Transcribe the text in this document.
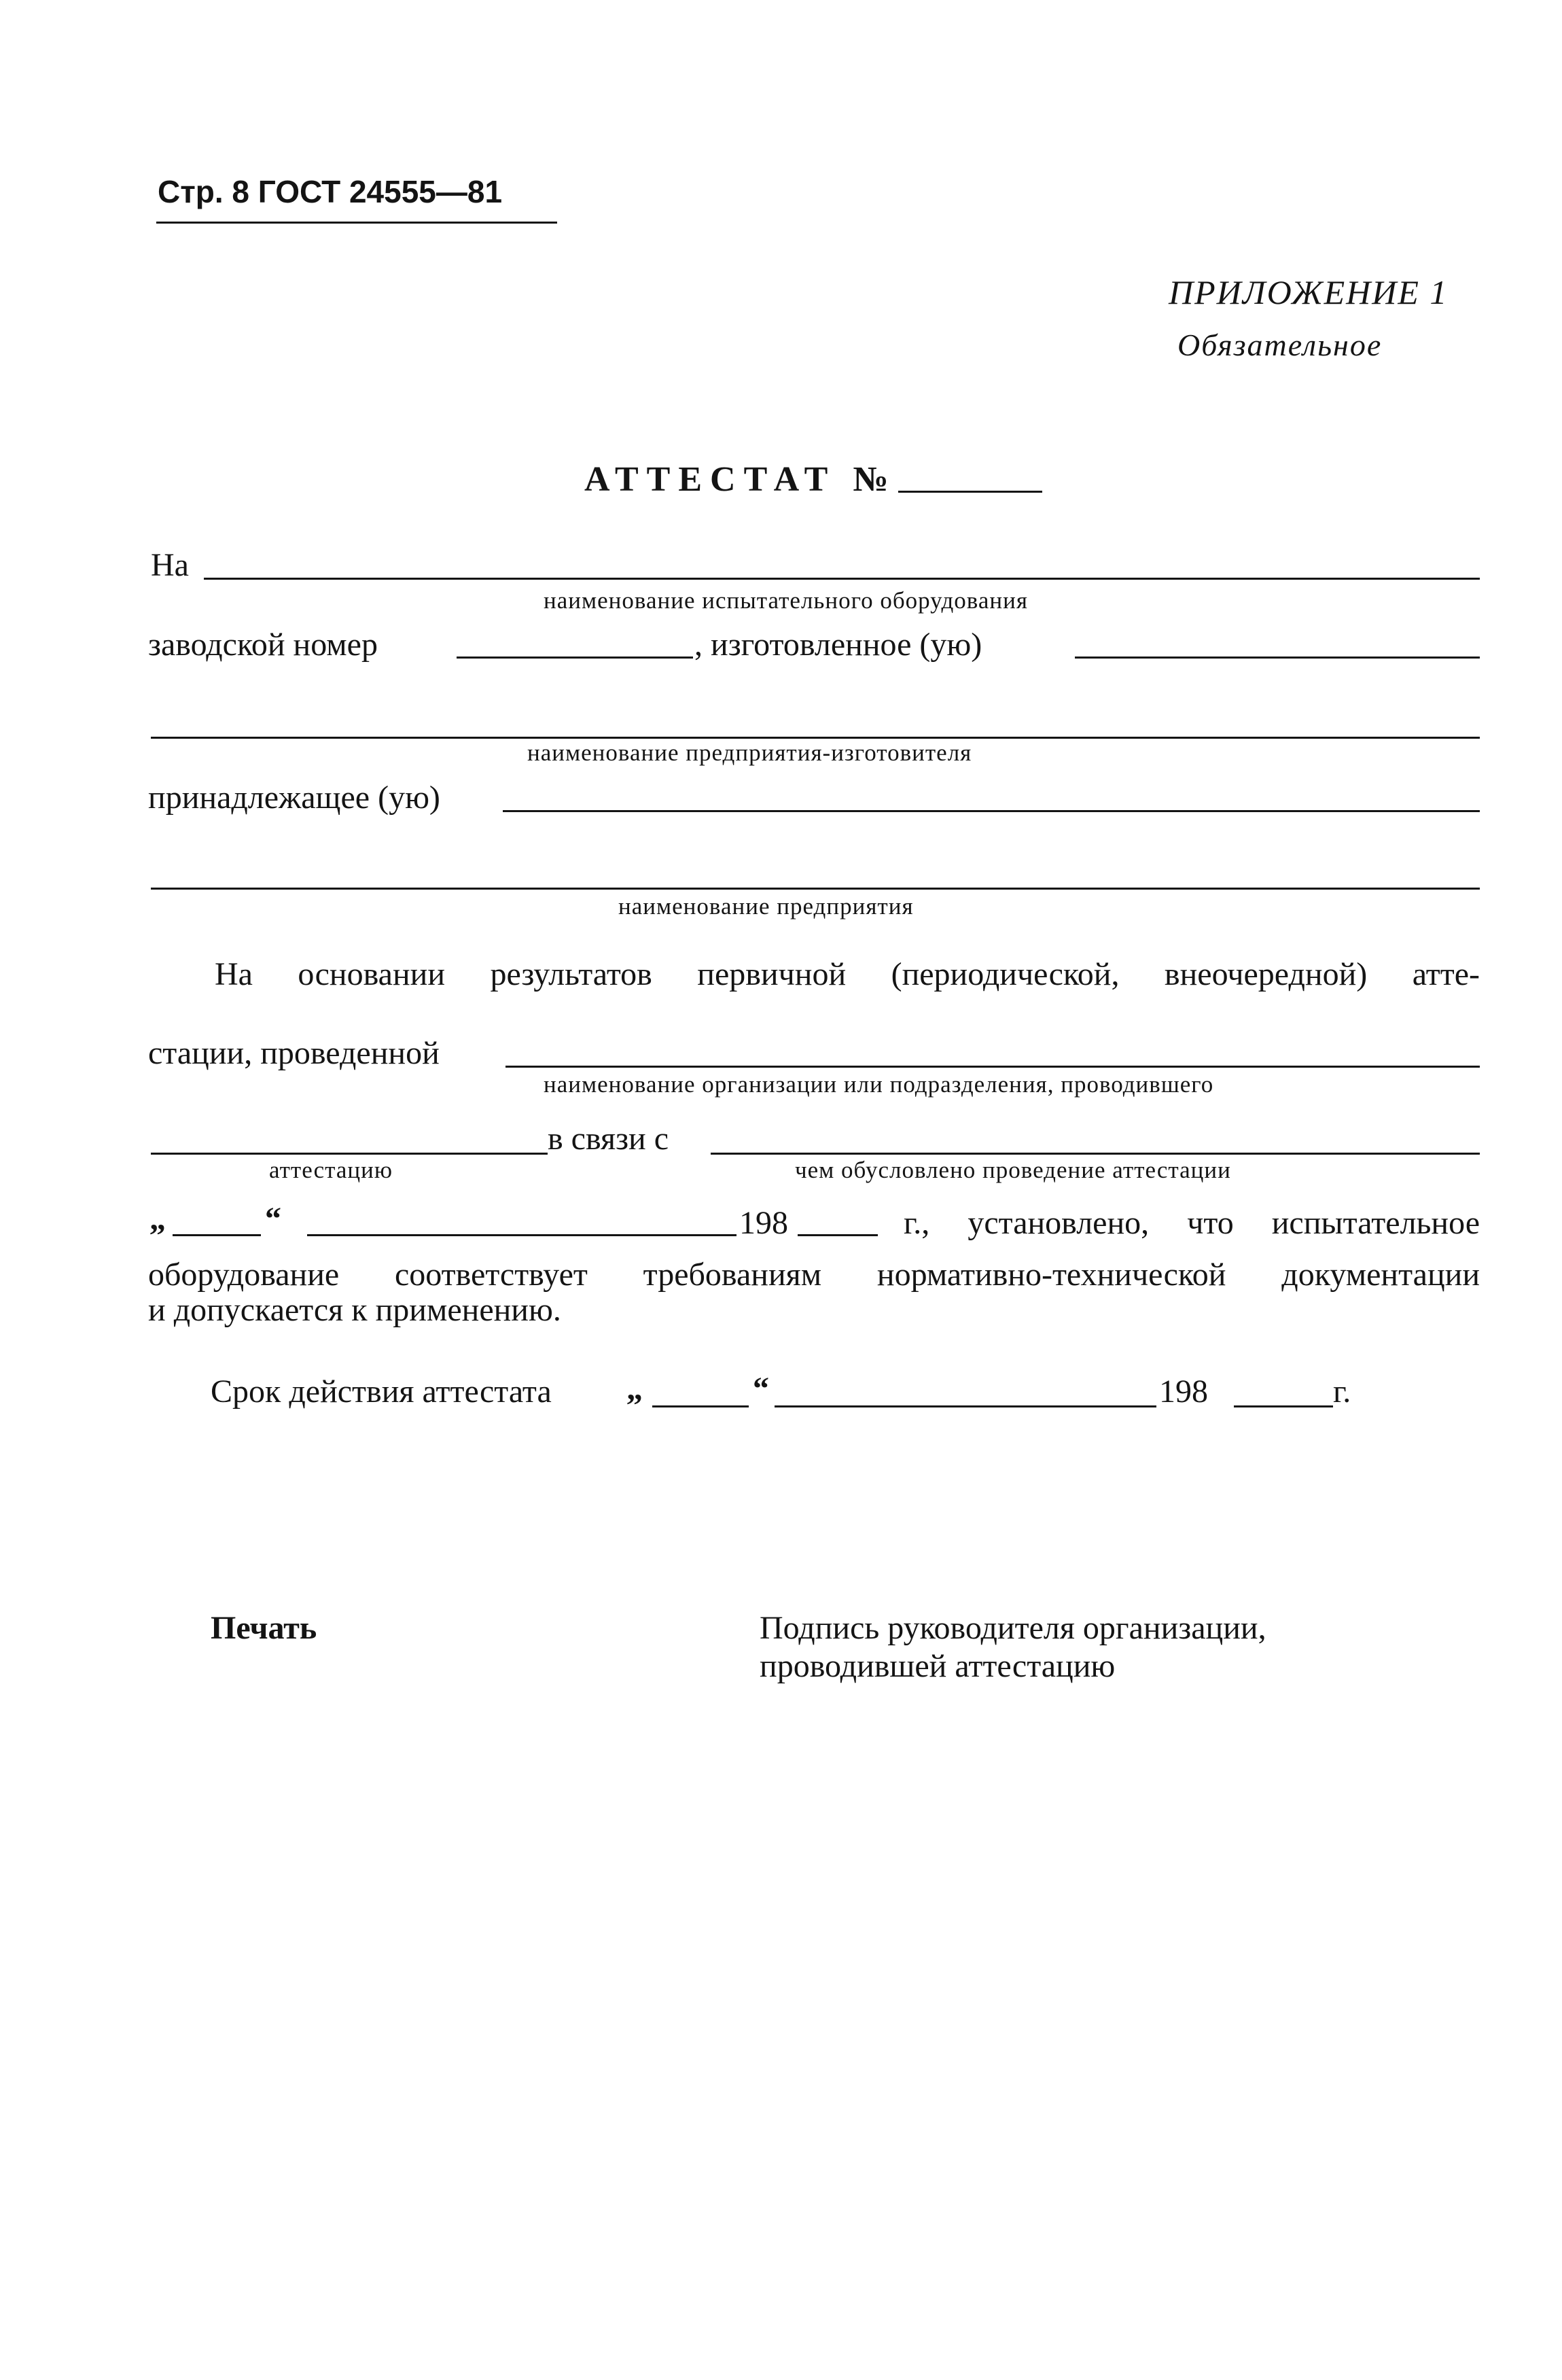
Стр. 8 ГОСТ 24555—81
ПРИЛОЖЕНИЕ 1
Обязательное
АТТЕСТАТ №
На
наименование испытательного оборудования
заводской номер	, изготовленное (ую)
наименование предприятия-изготовителя
принадлежащее (ую)
наименование предприятия
На основании результатов первичной (периодической, внеочередной) атте-
стации, проведенной
наименование организации или подразделения, проводившего
в связи с
аттестацию	чем обусловлено проведение аттестации
„	“	198	г., установлено, что испытательное
оборудование соответствует требованиям нормативно-технической документации
и допускается к применению.
Срок действия аттестата „	“	198	г.
Печать	Подпись руководителя организации,
проводившей аттестацию
